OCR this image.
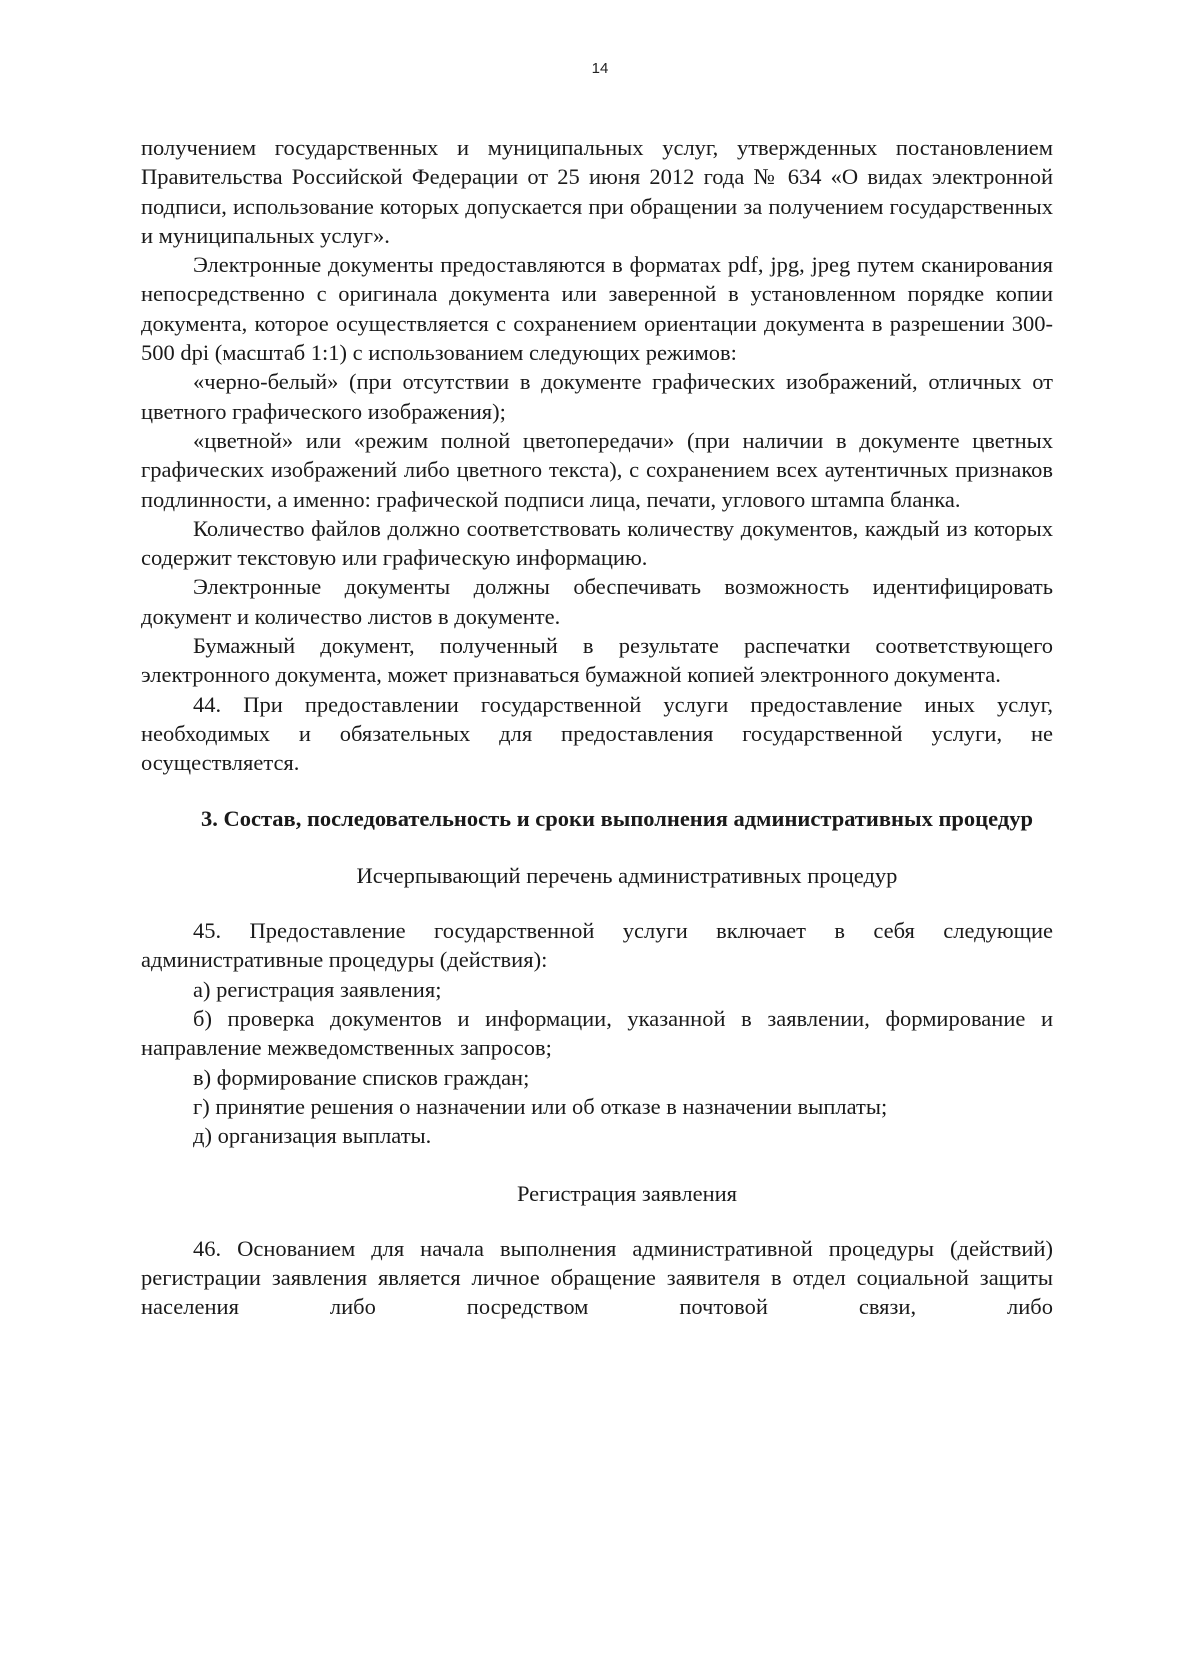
14

получением государственных и муниципальных услуг, утвержденных постановлением Правительства Российской Федерации от 25 июня 2012 года № 634 «О видах электронной подписи, использование которых допускается при обращении за получением государственных и муниципальных услуг».

Электронные документы предоставляются в форматах pdf, jpg, jpeg путем сканирования непосредственно с оригинала документа или заверенной в установленном порядке копии документа, которое осуществляется с сохранением ориентации документа в разрешении 300-500 dpi (масштаб 1:1) с использованием следующих режимов:

«черно-белый» (при отсутствии в документе графических изображений, отличных от цветного графического изображения);

«цветной» или «режим полной цветопередачи» (при наличии в документе цветных графических изображений либо цветного текста), с сохранением всех аутентичных признаков подлинности, а именно: графической подписи лица, печати, углового штампа бланка.

Количество файлов должно соответствовать количеству документов, каждый из которых содержит текстовую или графическую информацию.

Электронные документы должны обеспечивать возможность идентифицировать документ и количество листов в документе.

Бумажный документ, полученный в результате распечатки соответствующего электронного документа, может признаваться бумажной копией электронного документа.

44. При предоставлении государственной услуги предоставление иных услуг, необходимых и обязательных для предоставления государственной услуги, не осуществляется.

3. Состав, последовательность и сроки выполнения административных процедур

Исчерпывающий перечень административных процедур

45. Предоставление государственной услуги включает в себя следующие административные процедуры (действия):

а) регистрация заявления;

б) проверка документов и информации, указанной в заявлении, формирование и направление межведомственных запросов;

в) формирование списков граждан;

г) принятие решения о назначении или об отказе в назначении выплаты;

д) организация выплаты.

Регистрация заявления

46. Основанием для начала выполнения административной процедуры (действий) регистрации заявления является личное обращение заявителя в отдел социальной защиты населения либо посредством почтовой связи, либо
